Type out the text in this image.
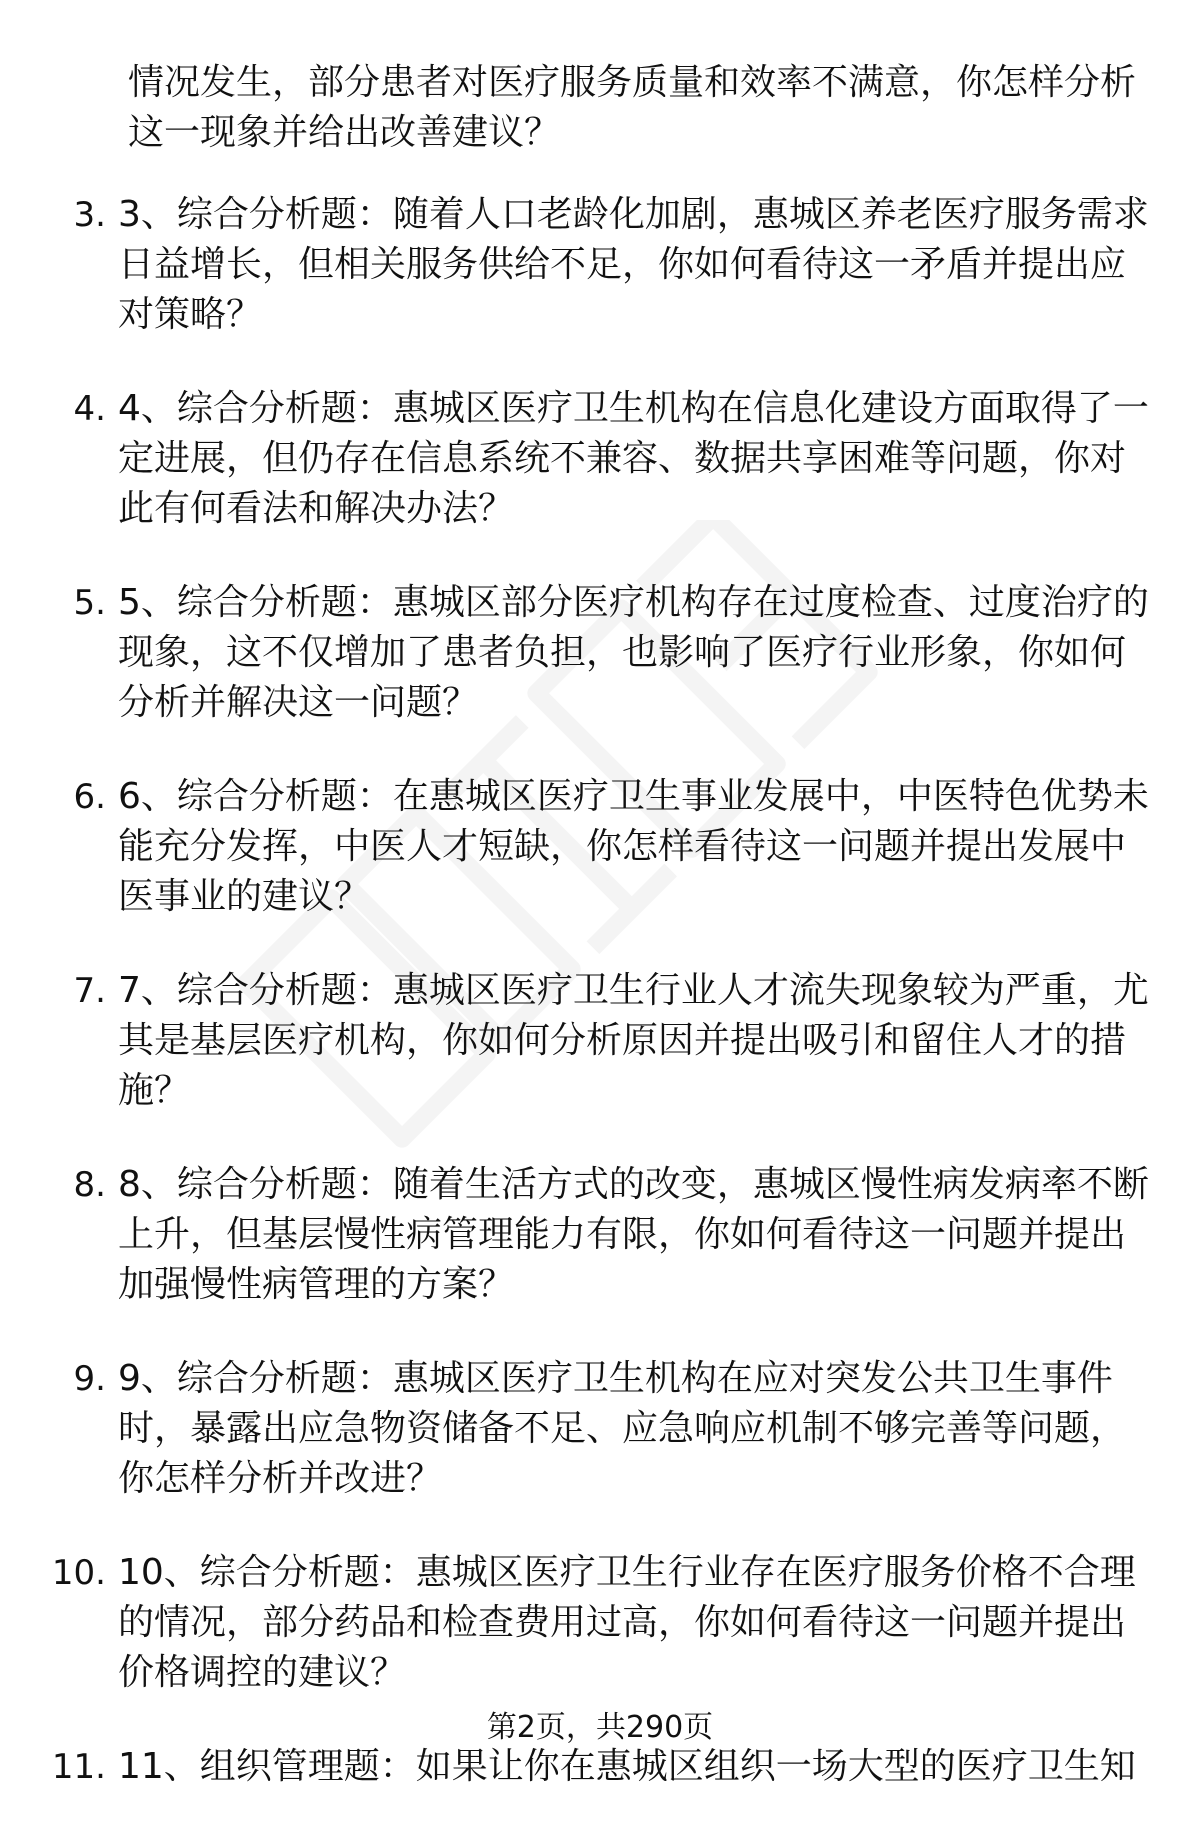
情况发生，部分患者对医疗服务质量和效率不满意，你怎样分析这一现象并给出改善建议？
3. 3、综合分析题：随着人口老龄化加剧，惠城区养老医疗服务需求日益增长，但相关服务供给不足，你如何看待这一矛盾并提出应对策略？
4. 4、综合分析题：惠城区医疗卫生机构在信息化建设方面取得了一定进展，但仍存在信息系统不兼容、数据共享困难等问题，你对此有何看法和解决办法？
5. 5、综合分析题：惠城区部分医疗机构存在过度检查、过度治疗的现象，这不仅增加了患者负担，也影响了医疗行业形象，你如何分析并解决这一问题？
6. 6、综合分析题：在惠城区医疗卫生事业发展中，中医特色优势未能充分发挥，中医人才短缺，你怎样看待这一问题并提出发展中医事业的建议？
7. 7、综合分析题：惠城区医疗卫生行业人才流失现象较为严重，尤其是基层医疗机构，你如何分析原因并提出吸引和留住人才的措施？
8. 8、综合分析题：随着生活方式的改变，惠城区慢性病发病率不断上升，但基层慢性病管理能力有限，你如何看待这一问题并提出加强慢性病管理的方案？
9. 9、综合分析题：惠城区医疗卫生机构在应对突发公共卫生事件时，暴露出应急物资储备不足、应急响应机制不够完善等问题，你怎样分析并改进？
10. 10、综合分析题：惠城区医疗卫生行业存在医疗服务价格不合理的情况，部分药品和检查费用过高，你如何看待这一问题并提出价格调控的建议？
11. 11、组织管理题：如果让你在惠城区组织一场大型的医疗卫生知
第2页，共290页
